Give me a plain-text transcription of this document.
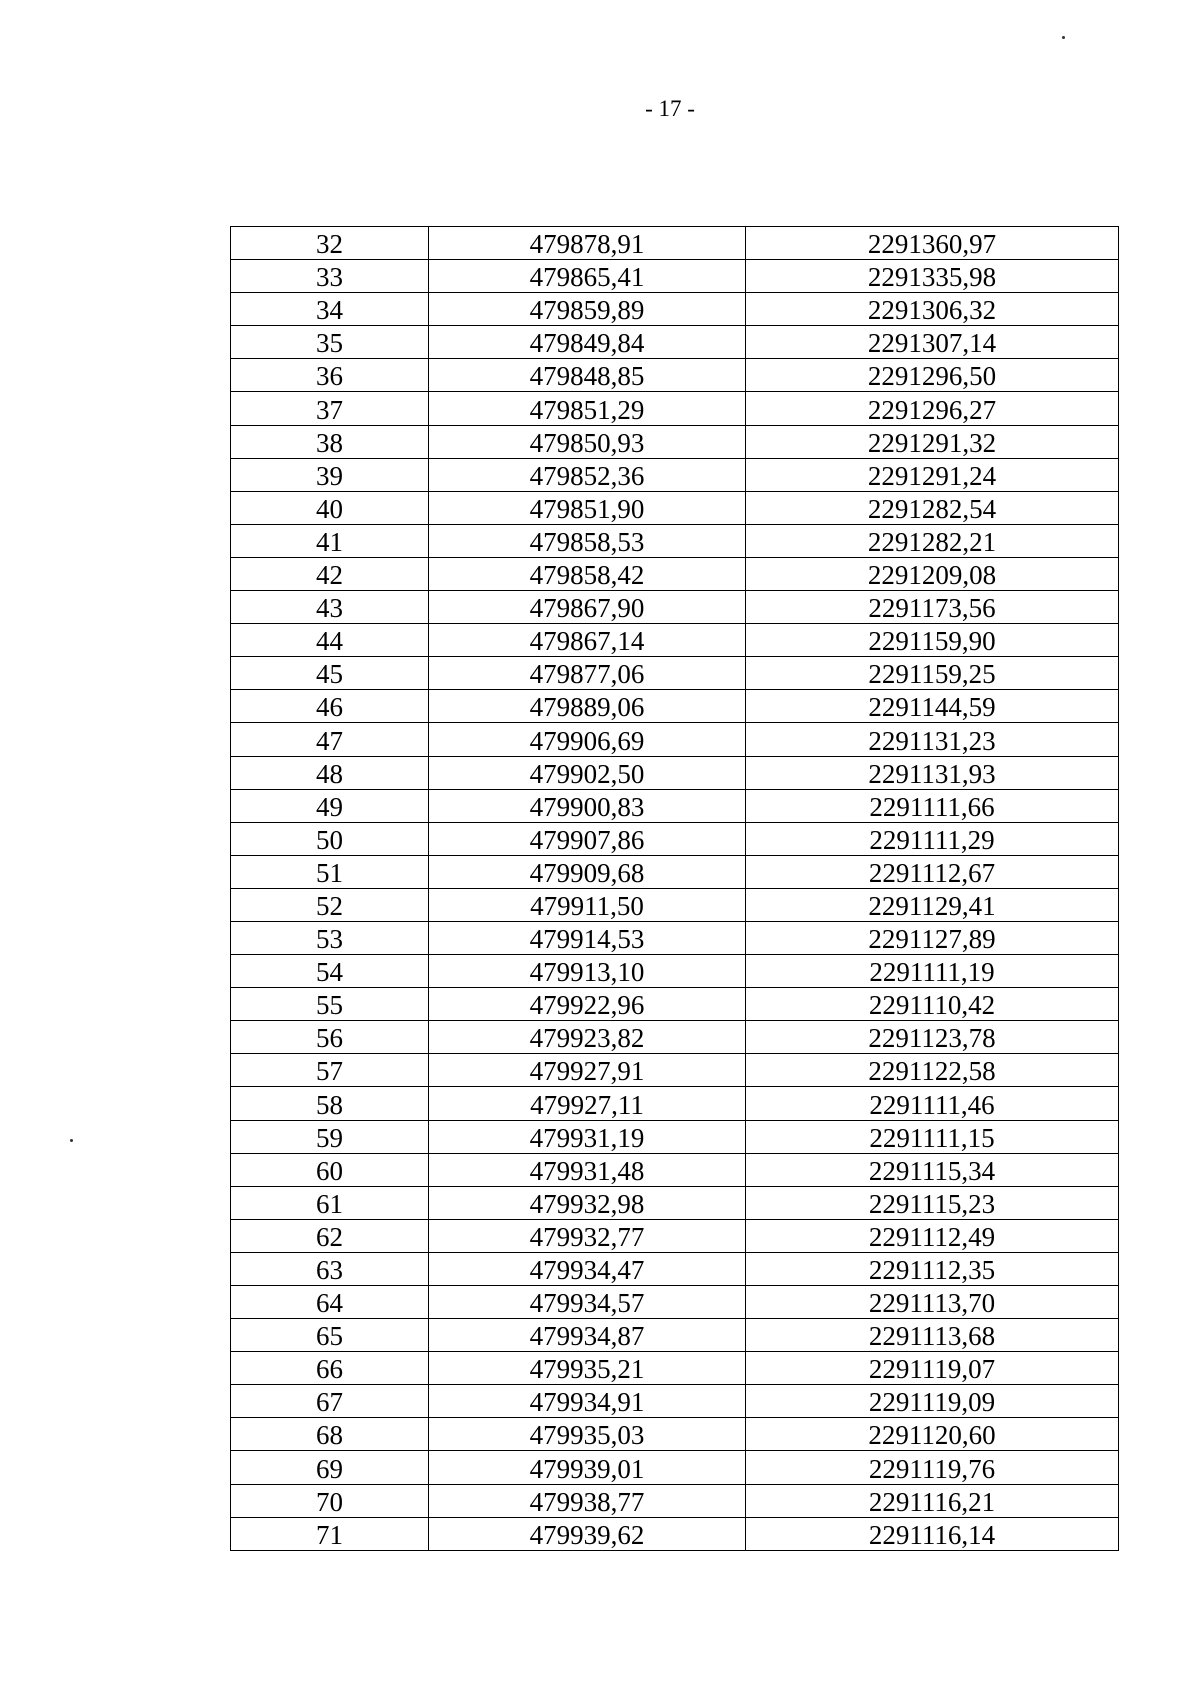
- 17 -
32	479878,91	2291360,97
33	479865,41	2291335,98
34	479859,89	2291306,32
35	479849,84	2291307,14
36	479848,85	2291296,50
37	479851,29	2291296,27
38	479850,93	2291291,32
39	479852,36	2291291,24
40	479851,90	2291282,54
41	479858,53	2291282,21
42	479858,42	2291209,08
43	479867,90	2291173,56
44	479867,14	2291159,90
45	479877,06	2291159,25
46	479889,06	2291144,59
47	479906,69	2291131,23
48	479902,50	2291131,93
49	479900,83	2291111,66
50	479907,86	2291111,29
51	479909,68	2291112,67
52	479911,50	2291129,41
53	479914,53	2291127,89
54	479913,10	2291111,19
55	479922,96	2291110,42
56	479923,82	2291123,78
57	479927,91	2291122,58
58	479927,11	2291111,46
59	479931,19	2291111,15
60	479931,48	2291115,34
61	479932,98	2291115,23
62	479932,77	2291112,49
63	479934,47	2291112,35
64	479934,57	2291113,70
65	479934,87	2291113,68
66	479935,21	2291119,07
67	479934,91	2291119,09
68	479935,03	2291120,60
69	479939,01	2291119,76
70	479938,77	2291116,21
71	479939,62	2291116,14
